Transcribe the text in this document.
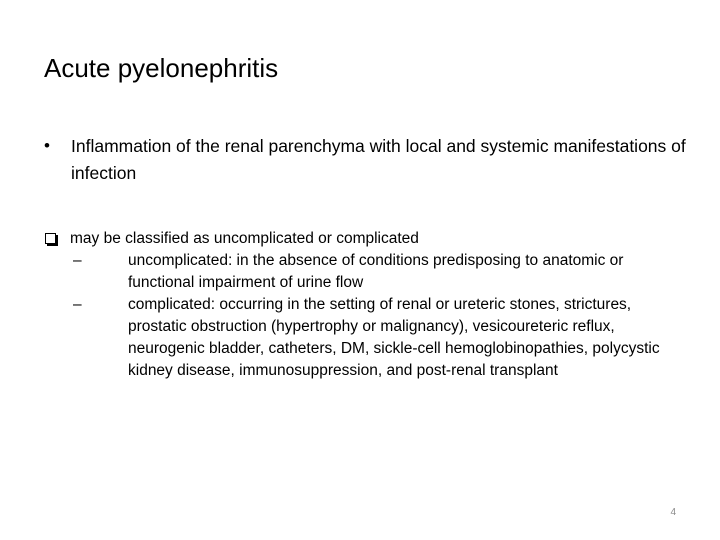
Acute pyelonephritis
• Inflammation of the renal parenchyma with local and systemic manifestations of infection
may be classified as uncomplicated or complicated
–	uncomplicated: in the absence of conditions predisposing to anatomic or functional impairment of urine flow
–	complicated: occurring in the setting of renal or ureteric stones, strictures, prostatic obstruction (hypertrophy or malignancy), vesicoureteric reflux, neurogenic bladder, catheters, DM, sickle-cell hemoglobinopathies, polycystic kidney disease, immunosuppression, and post-renal transplant
4
